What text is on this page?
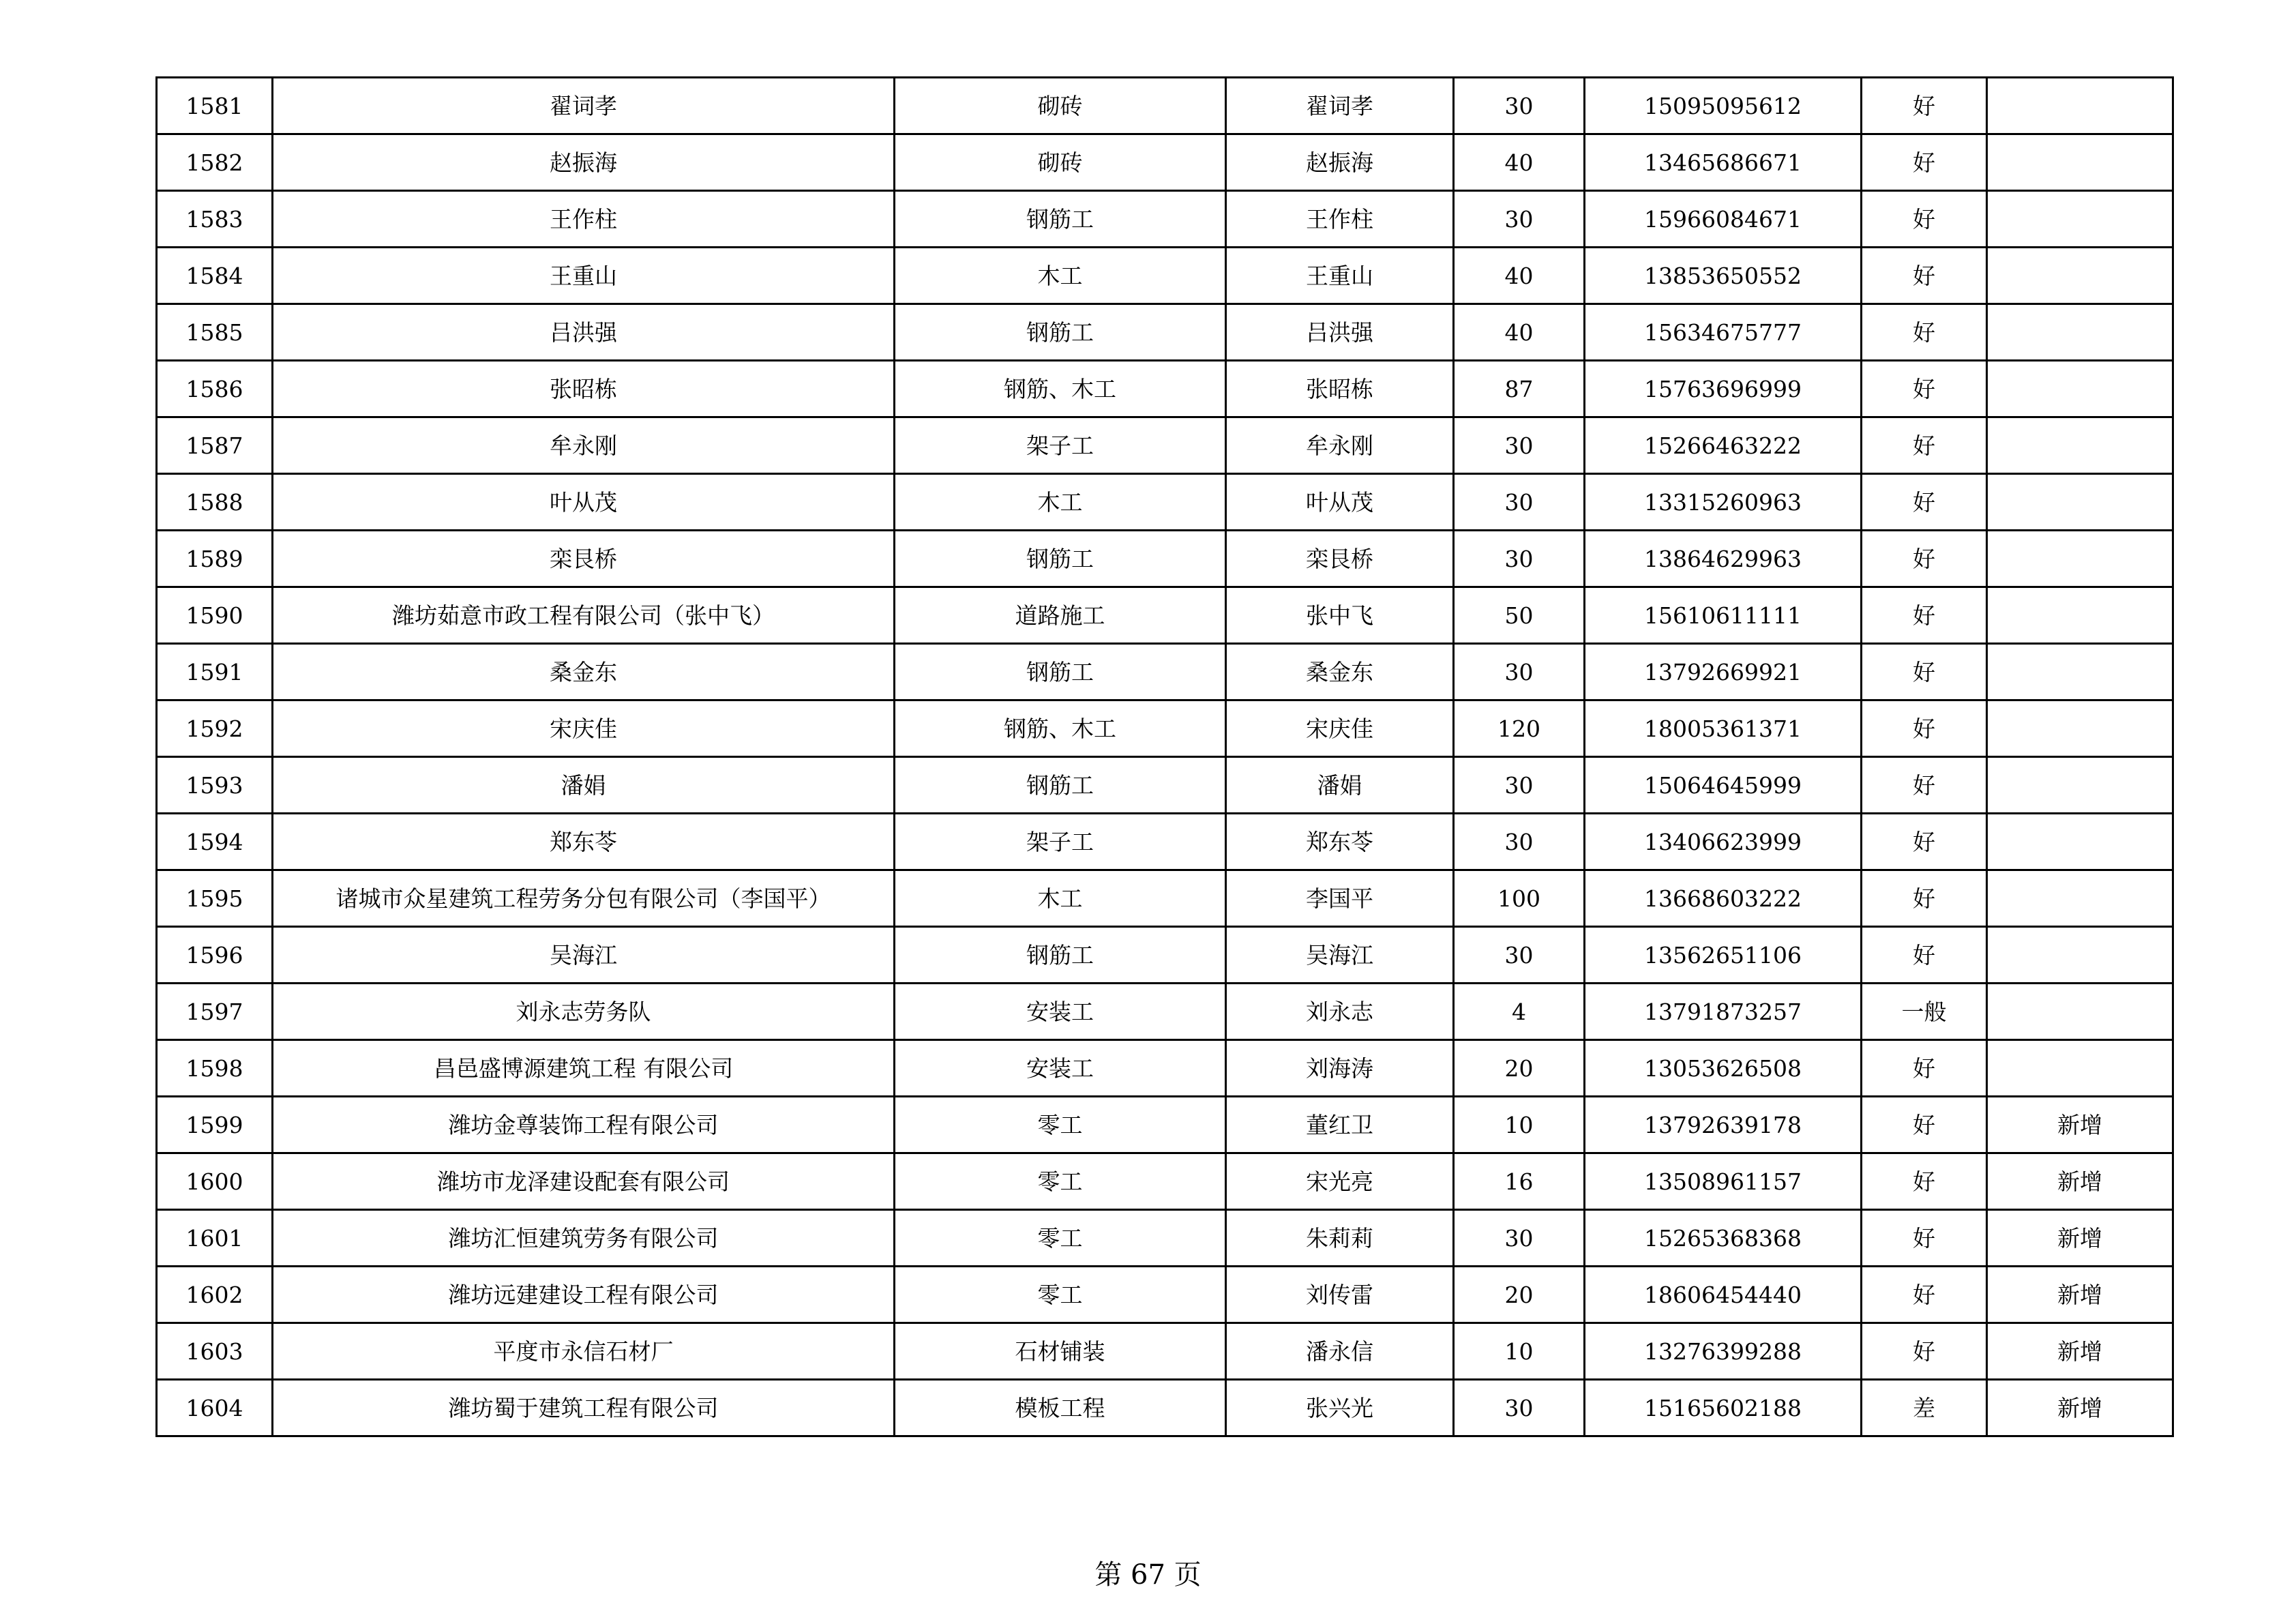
1581	翟词孝	砌砖	翟词孝	30	15095095612	好	
1582	赵振海	砌砖	赵振海	40	13465686671	好	
1583	王作柱	钢筋工	王作柱	30	15966084671	好	
1584	王重山	木工	王重山	40	13853650552	好	
1585	吕洪强	钢筋工	吕洪强	40	15634675777	好	
1586	张昭栋	钢筋、木工	张昭栋	87	15763696999	好	
1587	牟永刚	架子工	牟永刚	30	15266463222	好	
1588	叶从茂	木工	叶从茂	30	13315260963	好	
1589	栾艮桥	钢筋工	栾艮桥	30	13864629963	好	
1590	潍坊茹意市政工程有限公司（张中飞）	道路施工	张中飞	50	15610611111	好	
1591	桑金东	钢筋工	桑金东	30	13792669921	好	
1592	宋庆佳	钢筋、木工	宋庆佳	120	18005361371	好	
1593	潘娟	钢筋工	潘娟	30	15064645999	好	
1594	郑东苓	架子工	郑东苓	30	13406623999	好	
1595	诸城市众星建筑工程劳务分包有限公司（李国平）	木工	李国平	100	13668603222	好	
1596	吴海江	钢筋工	吴海江	30	13562651106	好	
1597	刘永志劳务队	安装工	刘永志	4	13791873257	一般	
1598	昌邑盛博源建筑工程 有限公司	安装工	刘海涛	20	13053626508	好	
1599	潍坊金尊装饰工程有限公司	零工	董红卫	10	13792639178	好	新增
1600	潍坊市龙泽建设配套有限公司	零工	宋光亮	16	13508961157	好	新增
1601	潍坊汇恒建筑劳务有限公司	零工	朱莉莉	30	15265368368	好	新增
1602	潍坊远建建设工程有限公司	零工	刘传雷	20	18606454440	好	新增
1603	平度市永信石材厂	石材铺装	潘永信	10	13276399288	好	新增
1604	潍坊蜀于建筑工程有限公司	模板工程	张兴光	30	15165602188	差	新增
第 67 页
